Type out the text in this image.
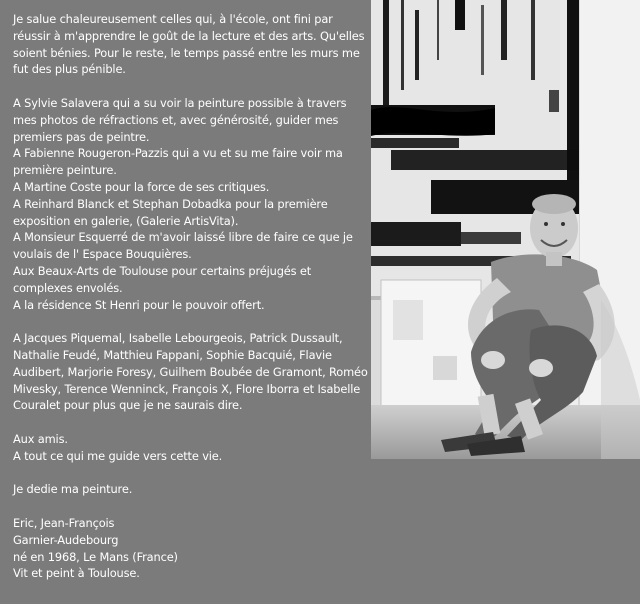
Je salue chaleureusement celles qui, à l'école, ont fini par réussir à m'apprendre le goût de la lecture et des arts. Qu'elles soient bénies. Pour le reste, le temps passé entre les murs me fut des plus pénible.

A Sylvie Salavera qui a su voir la peinture possible à travers mes photos de réfractions et, avec générosité, guider mes premiers pas de peintre.

A Fabienne Rougeron-Pazzis qui a vu et su me faire voir ma première peinture.

A Martine Coste pour la force de ses critiques.

A Reinhard Blanck et Stephan Dobadka pour la première exposition en galerie, (Galerie ArtisVita).

A Monsieur Esquerré de m'avoir laissé libre de faire ce que je voulais de l' Espace Bouquières.

Aux Beaux-Arts de Toulouse pour certains préjugés et complexes envolés.

A la résidence St Henri pour le pouvoir offert.

A Jacques Piquemal, Isabelle Lebourgeois, Patrick Dussault, Nathalie Feudé, Matthieu Fappani, Sophie Bacquié, Flavie Audibert, Marjorie Foresy, Guilhem Boubée de Gramont, Roméo Mivesky, Terence Wenninck, François X, Flore Iborra et Isabelle Couralet pour plus que je ne saurais dire.

Aux amis.

A tout ce qui me guide vers cette vie.

Je dedie ma peinture.

Eric, Jean-François

Garnier-Audebourg

né en 1968, Le Mans (France)

Vit et peint à Toulouse.
